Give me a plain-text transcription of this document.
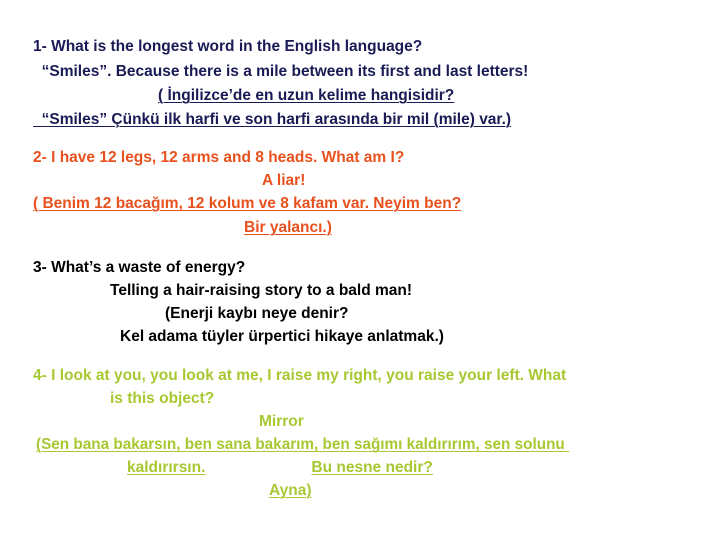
1- What is the longest word in the English language?
“Smiles”. Because there is a mile between its first and last letters!
( İngilizce’de en uzun kelime hangisidir?
“Smiles” Çünkü ilk harfi ve son harfi arasında bir mil (mile) var.)
2- I have 12 legs, 12 arms and 8 heads. What am I?
A liar!
( Benim 12 bacağım, 12 kolum ve 8 kafam var. Neyim ben?
Bir yalancı.)
3- What’s a waste of energy?
Telling a hair-raising story to a bald man!
(Enerji kaybı neye denir?
Kel adama tüyler ürpertici hikaye anlatmak.)
4- I look at you, you look at me, I raise my right, you raise your left. What
is this object?
Mirror
(Sen bana bakarsın, ben sana bakarım, ben sağımı kaldırırım, sen solunu
kaldırırsın.	Bu nesne nedir?
Ayna)
